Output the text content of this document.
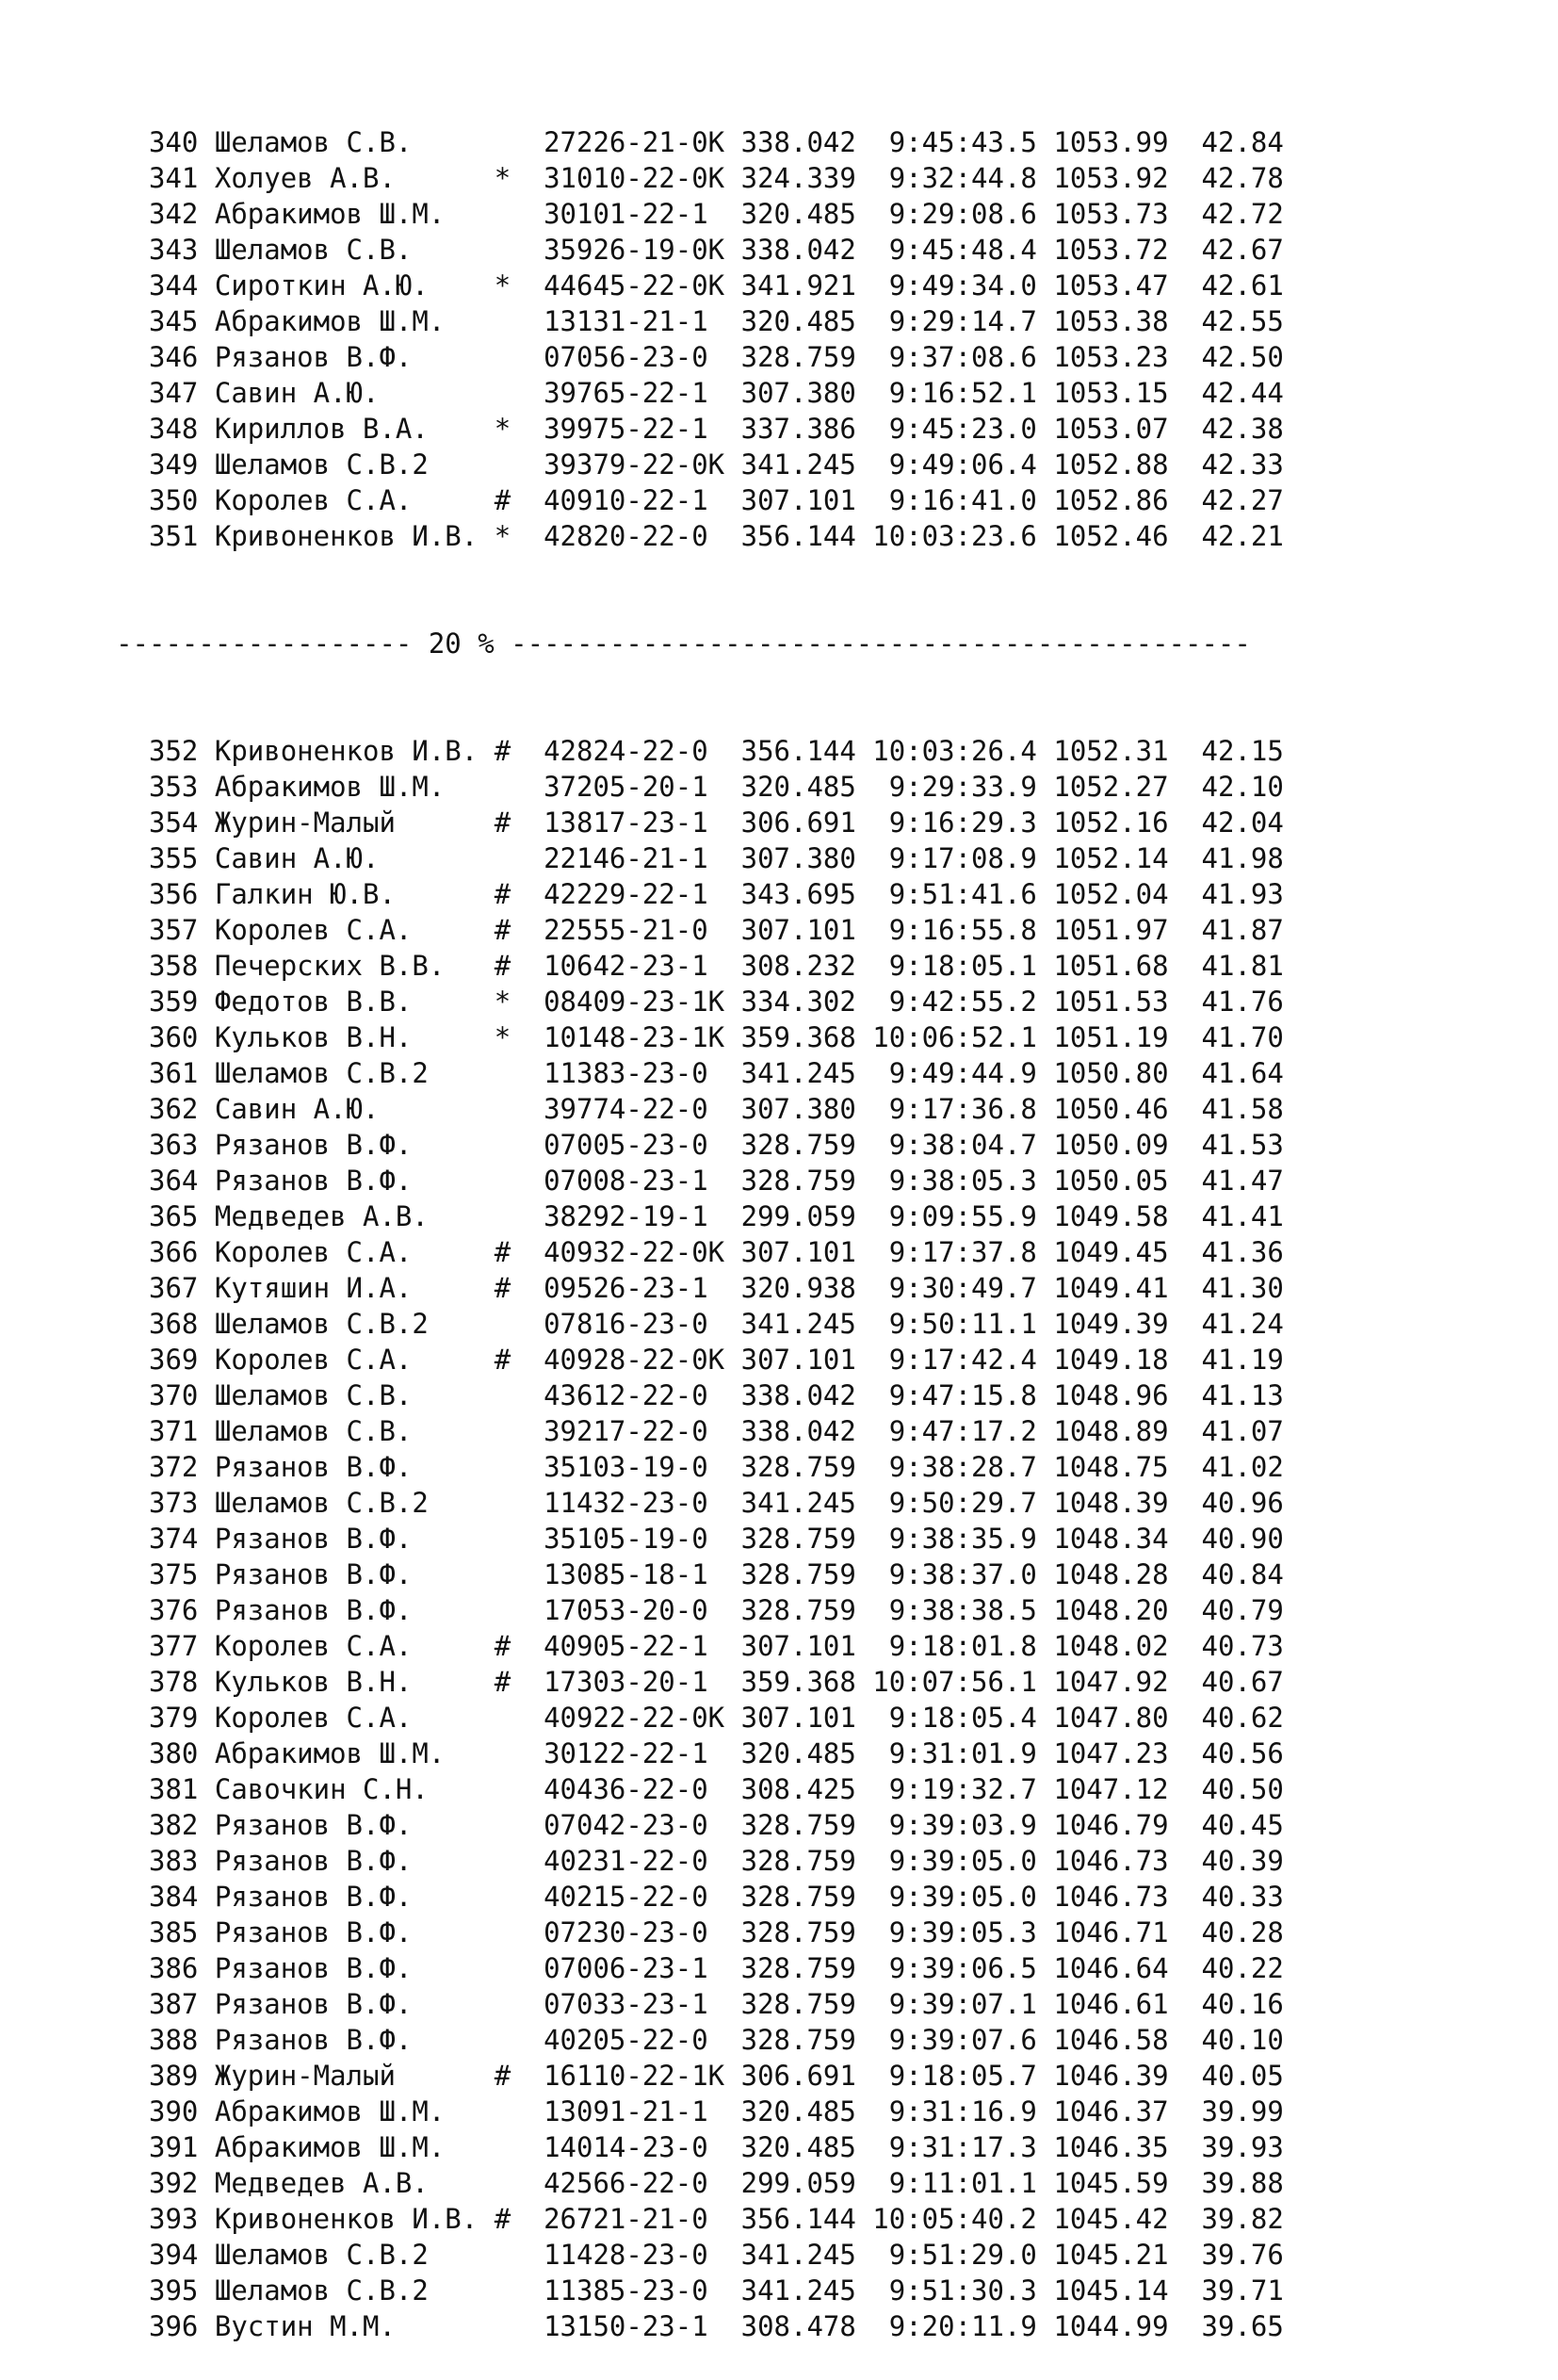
340 Шеламов С.В.        27226-21-0К 338.042  9:45:43.5 1053.99  42.84
341 Холуев А.В.      * 31010-22-0К 324.339  9:32:44.8 1053.92  42.78
342 Абракимов Ш.М.      30101-22-1  320.485  9:29:08.6 1053.73  42.72
343 Шеламов С.В.        35926-19-0К 338.042  9:45:48.4 1053.72  42.67
344 Сироткин А.Ю.    * 44645-22-0К 341.921  9:49:34.0 1053.47  42.61
345 Абракимов Ш.М.      13131-21-1  320.485  9:29:14.7 1053.38  42.55
346 Рязанов В.Ф.        07056-23-0  328.759  9:37:08.6 1053.23  42.50
347 Савин А.Ю.          39765-22-1  307.380  9:16:52.1 1053.15  42.44
348 Кириллов В.А.    * 39975-22-1  337.386  9:45:23.0 1053.07  42.38
349 Шеламов С.В.2       39379-22-0К 341.245  9:49:06.4 1052.88  42.33
350 Королев С.А.     # 40910-22-1  307.101  9:16:41.0 1052.86  42.27
351 Кривоненков И.В. * 42820-22-0  356.144 10:03:23.6 1052.46  42.21

------------------ 20 % ---------------------------------------------

352 Кривоненков И.В. # 42824-22-0  356.144 10:03:26.4 1052.31  42.15
353 Абракимов Ш.М.      37205-20-1  320.485  9:29:33.9 1052.27  42.10
354 Журин-Малый      # 13817-23-1  306.691  9:16:29.3 1052.16  42.04
355 Савин А.Ю.          22146-21-1  307.380  9:17:08.9 1052.14  41.98
356 Галкин Ю.В.      # 42229-22-1  343.695  9:51:41.6 1052.04  41.93
357 Королев С.А.     # 22555-21-0  307.101  9:16:55.8 1051.97  41.87
358 Печерских В.В.   # 10642-23-1  308.232  9:18:05.1 1051.68  41.81
359 Федотов В.В.     * 08409-23-1К 334.302  9:42:55.2 1051.53  41.76
360 Кульков В.Н.     * 10148-23-1К 359.368 10:06:52.1 1051.19  41.70
361 Шеламов С.В.2       11383-23-0  341.245  9:49:44.9 1050.80  41.64
362 Савин А.Ю.          39774-22-0  307.380  9:17:36.8 1050.46  41.58
363 Рязанов В.Ф.        07005-23-0  328.759  9:38:04.7 1050.09  41.53
364 Рязанов В.Ф.        07008-23-1  328.759  9:38:05.3 1050.05  41.47
365 Медведев А.В.       38292-19-1  299.059  9:09:55.9 1049.58  41.41
366 Королев С.А.     # 40932-22-0К 307.101  9:17:37.8 1049.45  41.36
367 Кутяшин И.А.     # 09526-23-1  320.938  9:30:49.7 1049.41  41.30
368 Шеламов С.В.2       07816-23-0  341.245  9:50:11.1 1049.39  41.24
369 Королев С.А.     # 40928-22-0К 307.101  9:17:42.4 1049.18  41.19
370 Шеламов С.В.        43612-22-0  338.042  9:47:15.8 1048.96  41.13
371 Шеламов С.В.        39217-22-0  338.042  9:47:17.2 1048.89  41.07
372 Рязанов В.Ф.        35103-19-0  328.759  9:38:28.7 1048.75  41.02
373 Шеламов С.В.2       11432-23-0  341.245  9:50:29.7 1048.39  40.96
374 Рязанов В.Ф.        35105-19-0  328.759  9:38:35.9 1048.34  40.90
375 Рязанов В.Ф.        13085-18-1  328.759  9:38:37.0 1048.28  40.84
376 Рязанов В.Ф.        17053-20-0  328.759  9:38:38.5 1048.20  40.79
377 Королев С.А.     # 40905-22-1  307.101  9:18:01.8 1048.02  40.73
378 Кульков В.Н.     # 17303-20-1  359.368 10:07:56.1 1047.92  40.67
379 Королев С.А.        40922-22-0К 307.101  9:18:05.4 1047.80  40.62
380 Абракимов Ш.М.      30122-22-1  320.485  9:31:01.9 1047.23  40.56
381 Савочкин С.Н.       40436-22-0  308.425  9:19:32.7 1047.12  40.50
382 Рязанов В.Ф.        07042-23-0  328.759  9:39:03.9 1046.79  40.45
383 Рязанов В.Ф.        40231-22-0  328.759  9:39:05.0 1046.73  40.39
384 Рязанов В.Ф.        40215-22-0  328.759  9:39:05.0 1046.73  40.33
385 Рязанов В.Ф.        07230-23-0  328.759  9:39:05.3 1046.71  40.28
386 Рязанов В.Ф.        07006-23-1  328.759  9:39:06.5 1046.64  40.22
387 Рязанов В.Ф.        07033-23-1  328.759  9:39:07.1 1046.61  40.16
388 Рязанов В.Ф.        40205-22-0  328.759  9:39:07.6 1046.58  40.10
389 Журин-Малый      # 16110-22-1К 306.691  9:18:05.7 1046.39  40.05
390 Абракимов Ш.М.      13091-21-1  320.485  9:31:16.9 1046.37  39.99
391 Абракимов Ш.М.      14014-23-0  320.485  9:31:17.3 1046.35  39.93
392 Медведев А.В.       42566-22-0  299.059  9:11:01.1 1045.59  39.88
393 Кривоненков И.В. # 26721-21-0  356.144 10:05:40.2 1045.42  39.82
394 Шеламов С.В.2       11428-23-0  341.245  9:51:29.0 1045.21  39.76
395 Шеламов С.В.2       11385-23-0  341.245  9:51:30.3 1045.14  39.71
396 Вустин М.М.         13150-23-1  308.478  9:20:11.9 1044.99  39.65
